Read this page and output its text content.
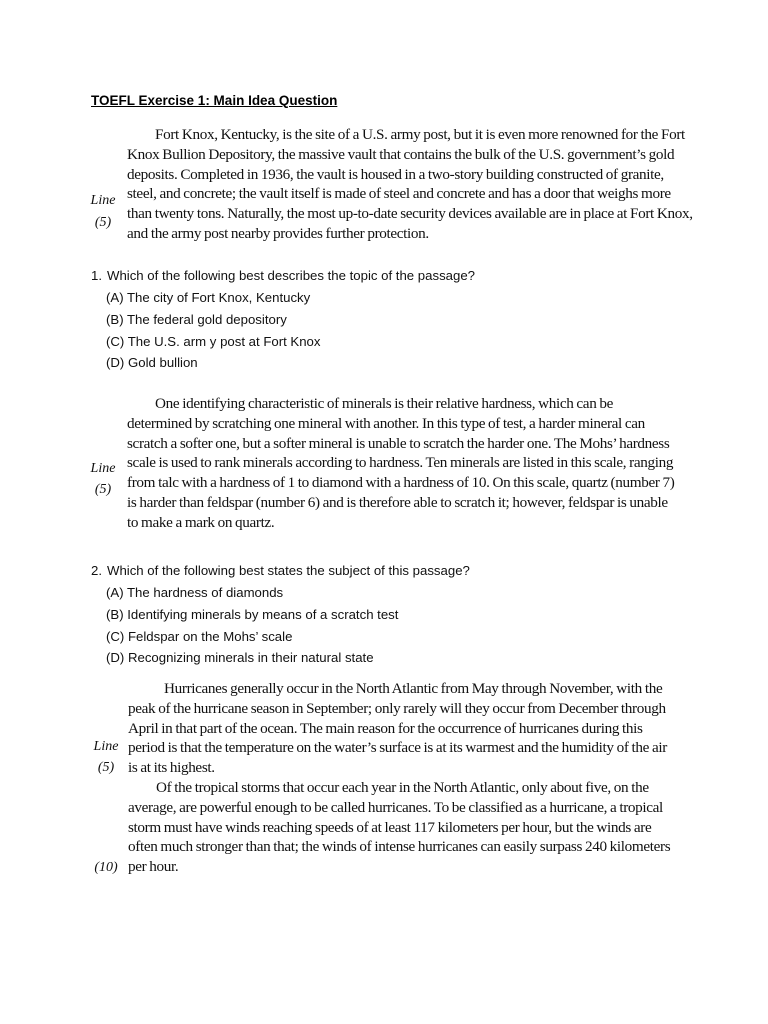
TOEFL Exercise 1: Main Idea Question
Fort Knox, Kentucky, is the site of a U.S. army post, but it is even more renowned for the Fort
Knox Bullion Depository, the massive vault that contains the bulk of the U.S. government’s gold
deposits. Completed in 1936, the vault is housed in a two-story building constructed of granite,
steel, and concrete; the vault itself is made of steel and concrete and has a door that weighs more
than twenty tons. Naturally, the most up-to-date security devices available are in place at Fort Knox,
and the army post nearby provides further protection.
Line
(5)
1. Which of the following best describes the topic of the passage?
(A) The city of Fort Knox, Kentucky
(B) The federal gold depository
(C) The U.S. arm y post at Fort Knox
(D) Gold bullion
One identifying characteristic of minerals is their relative hardness, which can be
determined by scratching one mineral with another. In this type of test, a harder mineral can
scratch a softer one, but a softer mineral is unable to scratch the harder one. The Mohs’ hardness
scale is used to rank minerals according to hardness. Ten minerals are listed in this scale, ranging
from talc with a hardness of 1 to diamond with a hardness of 10. On this scale, quartz (number 7)
is harder than feldspar (number 6) and is therefore able to scratch it; however, feldspar is unable
to make a mark on quartz.
Line
(5)
2. Which of the following best states the subject of this passage?
(A) The hardness of diamonds
(B) Identifying minerals by means of a scratch test
(C) Feldspar on the Mohs’ scale
(D) Recognizing minerals in their natural state
Hurricanes generally occur in the North Atlantic from May through November, with the
peak of the hurricane season in September; only rarely will they occur from December through
April in that part of the ocean. The main reason for the occurrence of hurricanes during this
period is that the temperature on the water’s surface is at its warmest and the humidity of the air
is at its highest.
Of the tropical storms that occur each year in the North Atlantic, only about five, on the
average, are powerful enough to be called hurricanes. To be classified as a hurricane, a tropical
storm must have winds reaching speeds of at least 117 kilometers per hour, but the winds are
often much stronger than that; the winds of intense hurricanes can easily surpass 240 kilometers
per hour.
Line
(5)
(10)
